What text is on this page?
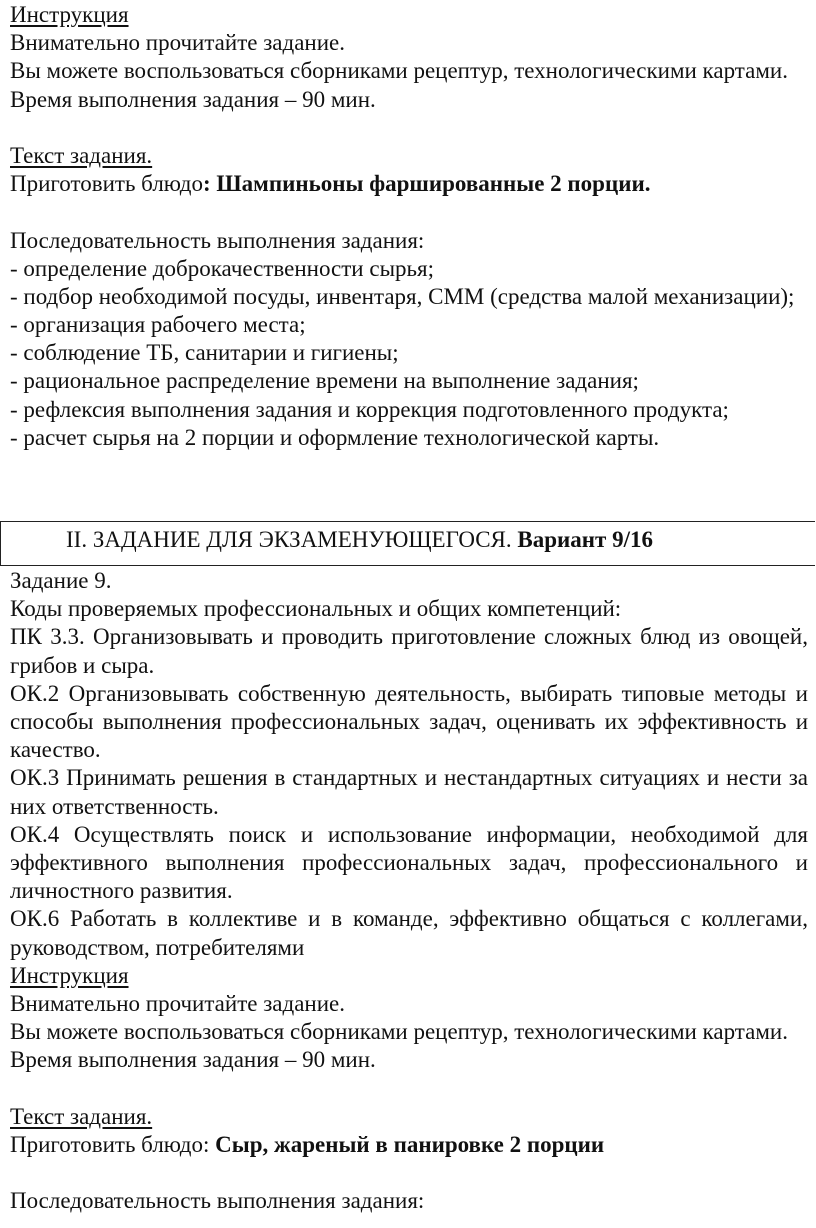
Инструкция
Внимательно прочитайте задание.
Вы можете воспользоваться сборниками рецептур, технологическими картами.
Время выполнения задания – 90 мин.
Текст задания.
Приготовить блюдо: Шампиньоны фаршированные 2 порции.
Последовательность выполнения задания:
- определение доброкачественности сырья;
- подбор необходимой посуды, инвентаря, СММ (средства малой механизации);
- организация рабочего места;
- соблюдение ТБ, санитарии и гигиены;
- рациональное распределение времени на выполнение задания;
- рефлексия выполнения задания и коррекция подготовленного продукта;
- расчет сырья на 2 порции и оформление технологической карты.
II. ЗАДАНИЕ ДЛЯ ЭКЗАМЕНУЮЩЕГОСЯ. Вариант 9/16
Задание 9.
Коды проверяемых профессиональных и общих компетенций:
ПК 3.3. Организовывать и проводить приготовление сложных блюд из овощей, грибов и сыра.
ОК.2 Организовывать собственную деятельность, выбирать типовые методы и способы выполнения профессиональных задач, оценивать их эффективность и качество.
ОК.3 Принимать решения в стандартных и нестандартных ситуациях и нести за них ответственность.
ОК.4 Осуществлять поиск и использование информации, необходимой для эффективного выполнения профессиональных задач, профессионального и личностного развития.
ОК.6 Работать в коллективе и в команде, эффективно общаться с коллегами, руководством, потребителями
Инструкция
Внимательно прочитайте задание.
Вы можете воспользоваться сборниками рецептур, технологическими картами.
Время выполнения задания – 90 мин.
Текст задания.
Приготовить блюдо: Сыр, жареный в панировке 2 порции
Последовательность выполнения задания:
